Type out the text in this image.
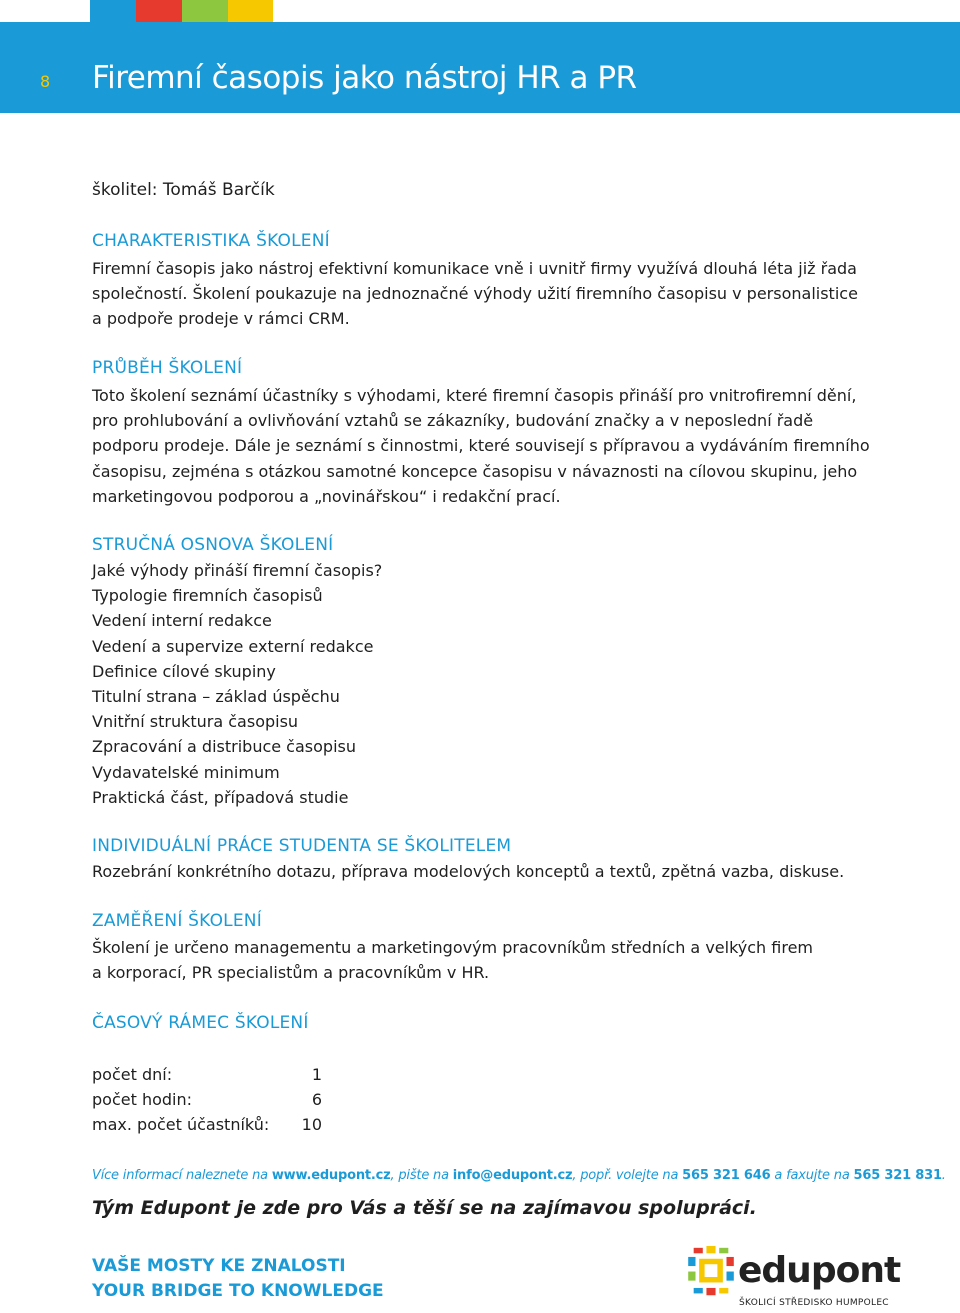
8 Firemní časopis jako nástroj HR a PR
školitel: Tomáš Barčík
CHARAKTERISTIKA ŠKOLENÍ
Firemní časopis jako nástroj efektivní komunikace vně i uvnitř firmy využívá dlouhá léta již řada
společností. Školení poukazuje na jednoznačné výhody užití firemního časopisu v personalistice
a podpoře prodeje v rámci CRM.
PRŮBĚH ŠKOLENÍ
Toto školení seznámí účastníky s výhodami, které firemní časopis přináší pro vnitrofiremní dění,
pro prohlubování a ovlivňování vztahů se zákazníky, budování značky a v neposlední řadě
podporu prodeje. Dále je seznámí s činnostmi, které souvisejí s přípravou a vydáváním firemního
časopisu, zejména s otázkou samotné koncepce časopisu v návaznosti na cílovou skupinu, jeho
marketingovou podporou a „novinářskou“ i redakční prací.
STRUČNÁ OSNOVA ŠKOLENÍ
Jaké výhody přináší firemní časopis?
Typologie firemních časopisů
Vedení interní redakce
Vedení a supervize externí redakce
Definice cílové skupiny
Titulní strana – základ úspěchu
Vnitřní struktura časopisu
Zpracování a distribuce časopisu
Vydavatelské minimum
Praktická část, případová studie
INDIVIDUÁLNÍ PRÁCE STUDENTA SE ŠKOLITELEM
Rozebrání konkrétního dotazu, příprava modelových konceptů a textů, zpětná vazba, diskuse.
ZAMĚŘENÍ ŠKOLENÍ
Školení je určeno managementu a marketingovým pracovníkům středních a velkých firem
a korporací, PR specialistům a pracovníkům v HR.
ČASOVÝ RÁMEC ŠKOLENÍ
počet dní:	1
počet hodin:	6
max. počet účastníků:	10
Více informací naleznete na www.edupont.cz, pište na info@edupont.cz, popř. volejte na 565 321 646 a faxujte na 565 321 831.
Tým Edupont je zde pro Vás a těší se na zajímavou spolupráci.
VAŠE MOSTY KE ZNALOSTI
YOUR BRIDGE TO KNOWLEDGE	edupont
ŠKOLICÍ STŘEDISKO HUMPOLEC
